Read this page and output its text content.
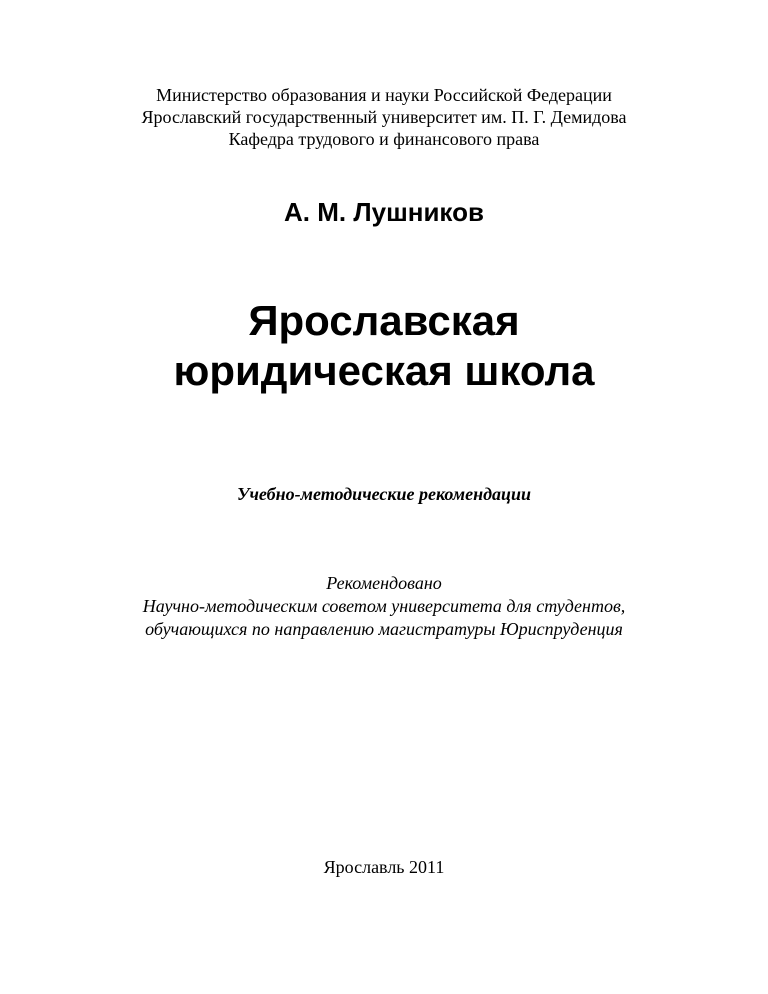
Министерство образования и науки Российской Федерации
Ярославский государственный университет им. П. Г. Демидова
Кафедра трудового и финансового права
А. М. Лушников
Ярославская
юридическая школа
Учебно-методические рекомендации
Рекомендовано
Научно-методическим советом университета для студентов,
обучающихся по направлению магистратуры Юриспруденция
Ярославль 2011
